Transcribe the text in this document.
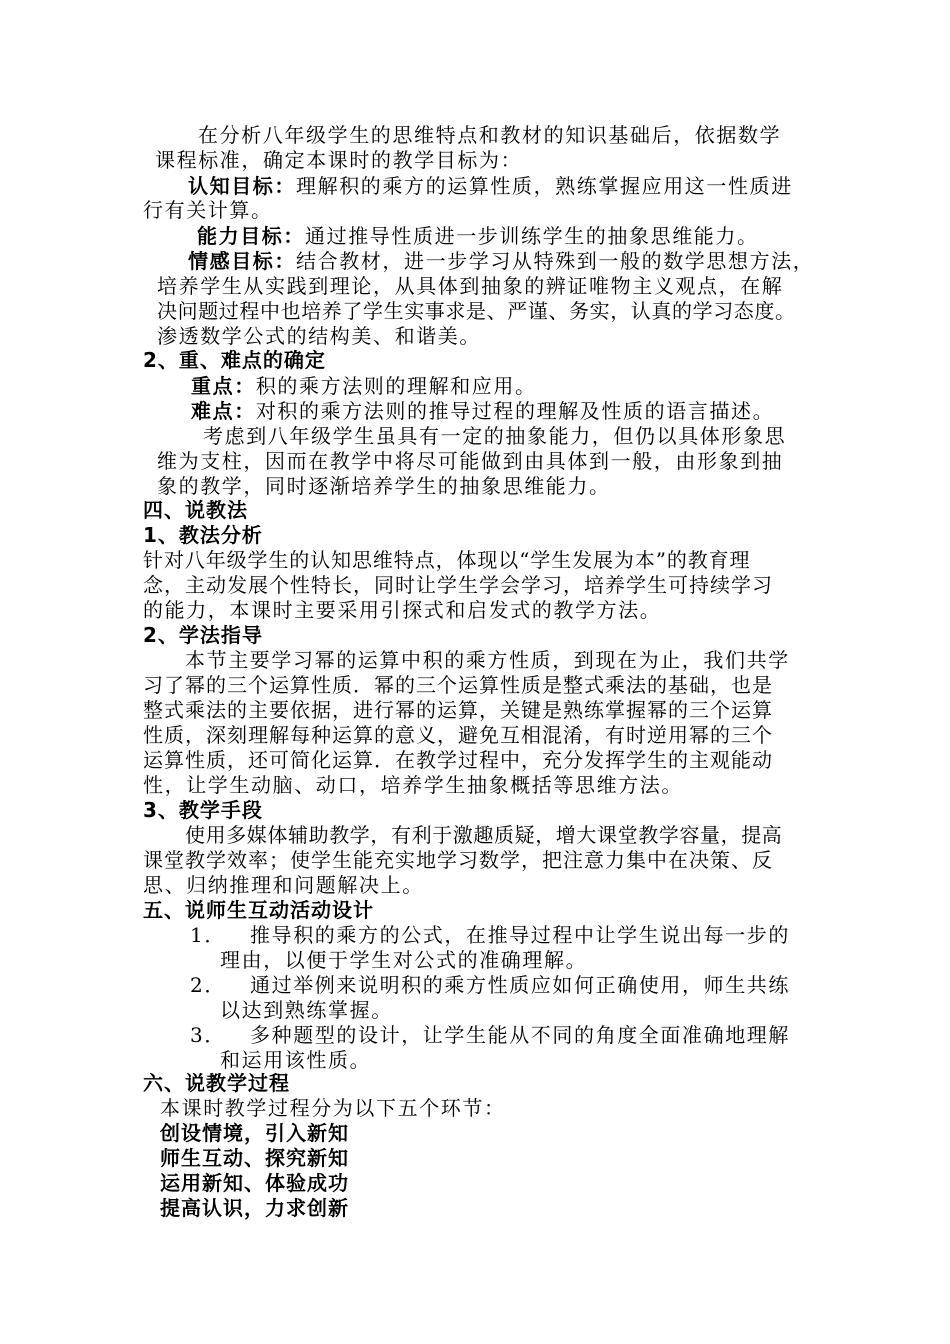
在分析八年级学生的思维特点和教材的知识基础后，依据数学
课程标准，确定本课时的教学目标为：
认知目标：理解积的乘方的运算性质，熟练掌握应用这一性质进
行有关计算。
能力目标：通过推导性质进一步训练学生的抽象思维能力。
情感目标：结合教材，进一步学习从特殊到一般的数学思想方法，
培养学生从实践到理论，从具体到抽象的辨证唯物主义观点，在解
决问题过程中也培养了学生实事求是、严谨、务实，认真的学习态度。
渗透数学公式的结构美、和谐美。
2、重、难点的确定
重点：积的乘方法则的理解和应用。
难点：对积的乘方法则的推导过程的理解及性质的语言描述。
考虑到八年级学生虽具有一定的抽象能力，但仍以具体形象思
维为支柱，因而在教学中将尽可能做到由具体到一般，由形象到抽
象的教学，同时逐渐培养学生的抽象思维能力。
四、说教法
1、教法分析
针对八年级学生的认知思维特点，体现以“学生发展为本”的教育理
念，主动发展个性特长，同时让学生学会学习，培养学生可持续学习
的能力，本课时主要采用引探式和启发式的教学方法。
2、学法指导
本节主要学习幂的运算中积的乘方性质，到现在为止，我们共学
习了幂的三个运算性质．幂的三个运算性质是整式乘法的基础，也是
整式乘法的主要依据，进行幂的运算，关键是熟练掌握幂的三个运算
性质，深刻理解每种运算的意义，避免互相混淆，有时逆用幂的三个
运算性质，还可简化运算．在教学过程中，充分发挥学生的主观能动
性，让学生动脑、动口，培养学生抽象概括等思维方法。
3、教学手段
使用多媒体辅助教学，有利于激趣质疑，增大课堂教学容量，提高
课堂教学效率；使学生能充实地学习数学，把注意力集中在决策、反
思、归纳推理和问题解决上。
五、说师生互动活动设计
1． 推导积的乘方的公式，在推导过程中让学生说出每一步的
理由，以便于学生对公式的准确理解。
2． 通过举例来说明积的乘方性质应如何正确使用，师生共练
以达到熟练掌握。
3． 多种题型的设计，让学生能从不同的角度全面准确地理解
和运用该性质。
六、说教学过程
本课时教学过程分为以下五个环节：
创设情境，引入新知
师生互动、探究新知
运用新知、体验成功
提高认识，力求创新
